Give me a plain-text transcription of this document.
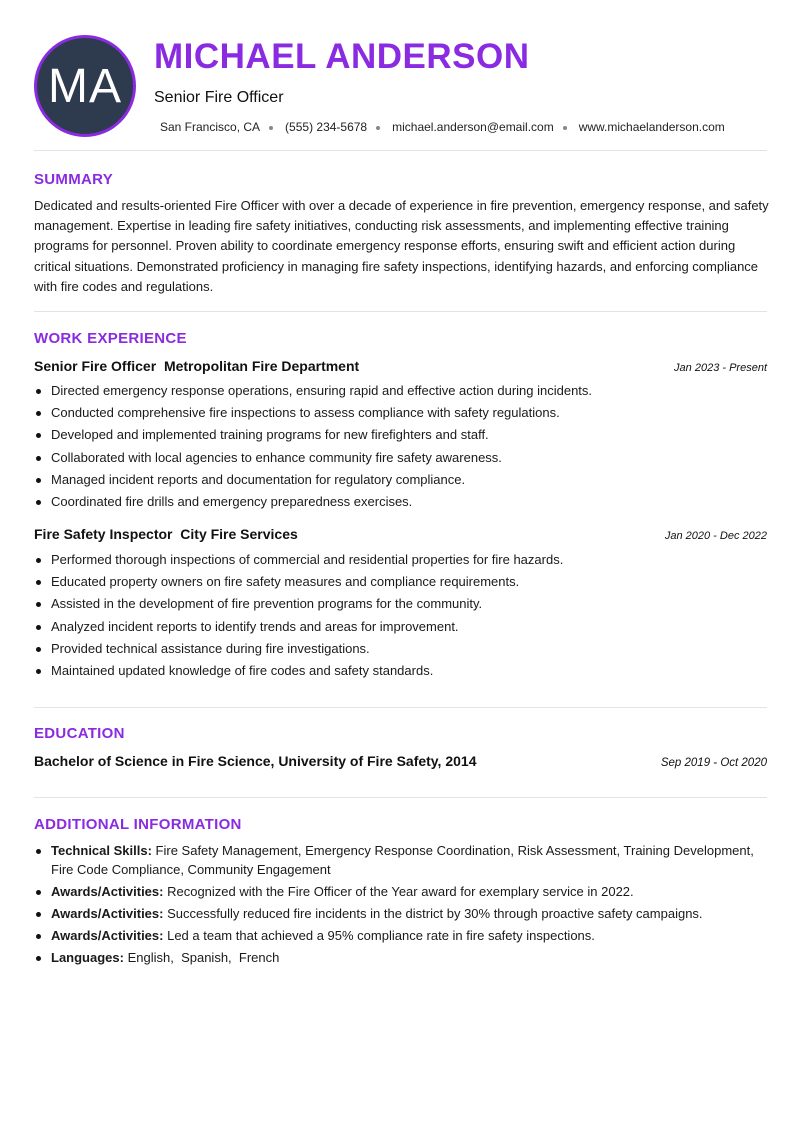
MA
MICHAEL ANDERSON
Senior Fire Officer
San Francisco, CA (555) 234-5678 michael.anderson@email.com www.michaelanderson.com
SUMMARY

Dedicated and results-oriented Fire Officer with over a decade of experience in fire prevention, emergency response, and safety management. Expertise in leading fire safety initiatives, conducting risk assessments, and implementing effective training programs for personnel. Proven ability to coordinate emergency response efforts, ensuring swift and efficient action during critical situations. Demonstrated proficiency in managing fire safety inspections, identifying hazards, and enforcing compliance with fire codes and regulations.

WORK EXPERIENCE
Senior Fire Officer Metropolitan Fire Department	Jan 2023 - Present
Directed emergency response operations, ensuring rapid and effective action during incidents.
Conducted comprehensive fire inspections to assess compliance with safety regulations.
Developed and implemented training programs for new firefighters and staff.
Collaborated with local agencies to enhance community fire safety awareness.
Managed incident reports and documentation for regulatory compliance.
Coordinated fire drills and emergency preparedness exercises.
Fire Safety Inspector City Fire Services	Jan 2020 - Dec 2022
Performed thorough inspections of commercial and residential properties for fire hazards.
Educated property owners on fire safety measures and compliance requirements.
Assisted in the development of fire prevention programs for the community.
Analyzed incident reports to identify trends and areas for improvement.
Provided technical assistance during fire investigations.
Maintained updated knowledge of fire codes and safety standards.
EDUCATION
Bachelor of Science in Fire Science, University of Fire Safety, 2014	Sep 2019 - Oct 2020
ADDITIONAL INFORMATION
Technical Skills: Fire Safety Management, Emergency Response Coordination, Risk Assessment, Training Development, Fire Code Compliance, Community Engagement
Awards/Activities: Recognized with the Fire Officer of the Year award for exemplary service in 2022.
Awards/Activities: Successfully reduced fire incidents in the district by 30% through proactive safety campaigns.
Awards/Activities: Led a team that achieved a 95% compliance rate in fire safety inspections.
Languages: English,  Spanish,  French
